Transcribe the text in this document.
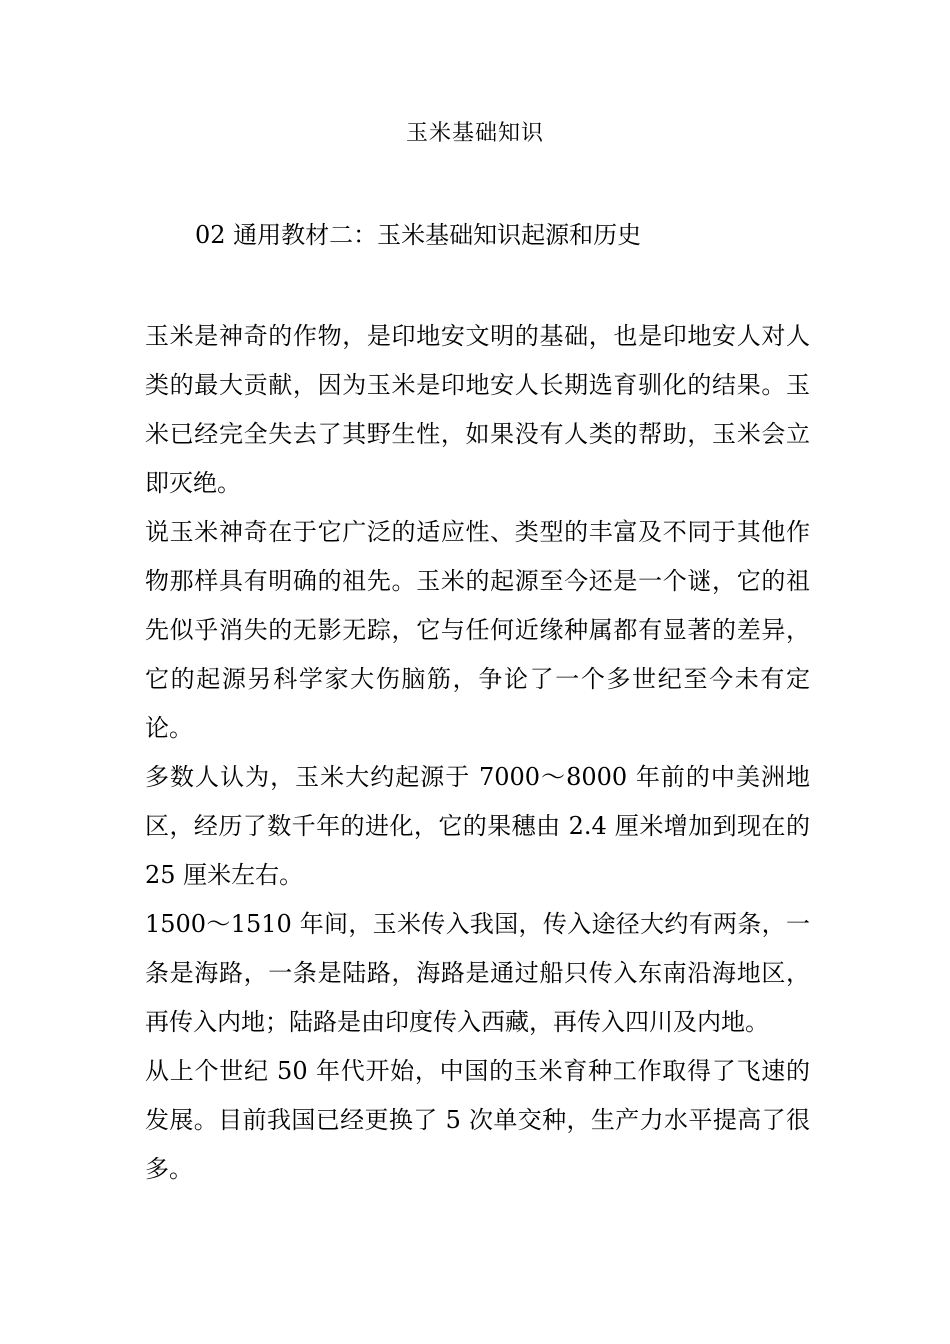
玉米基础知识
02 通用教材二：玉米基础知识起源和历史

玉米是神奇的作物，是印地安文明的基础，也是印地安人对人类的最大贡献，因为玉米是印地安人长期选育驯化的结果。玉米已经完全失去了其野生性，如果没有人类的帮助，玉米会立即灭绝。

说玉米神奇在于它广泛的适应性、类型的丰富及不同于其他作物那样具有明确的祖先。玉米的起源至今还是一个谜，它的祖先似乎消失的无影无踪，它与任何近缘种属都有显著的差异，它的起源另科学家大伤脑筋，争论了一个多世纪至今未有定论。

多数人认为，玉米大约起源于 7000～8000 年前的中美洲地区，经历了数千年的进化，它的果穗由 2.4 厘米增加到现在的 25 厘米左右。

1500～1510 年间，玉米传入我国，传入途径大约有两条，一条是海路，一条是陆路，海路是通过船只传入东南沿海地区，再传入内地；陆路是由印度传入西藏，再传入四川及内地。

从上个世纪 50 年代开始，中国的玉米育种工作取得了飞速的发展。目前我国已经更换了 5 次单交种，生产力水平提高了很多。
